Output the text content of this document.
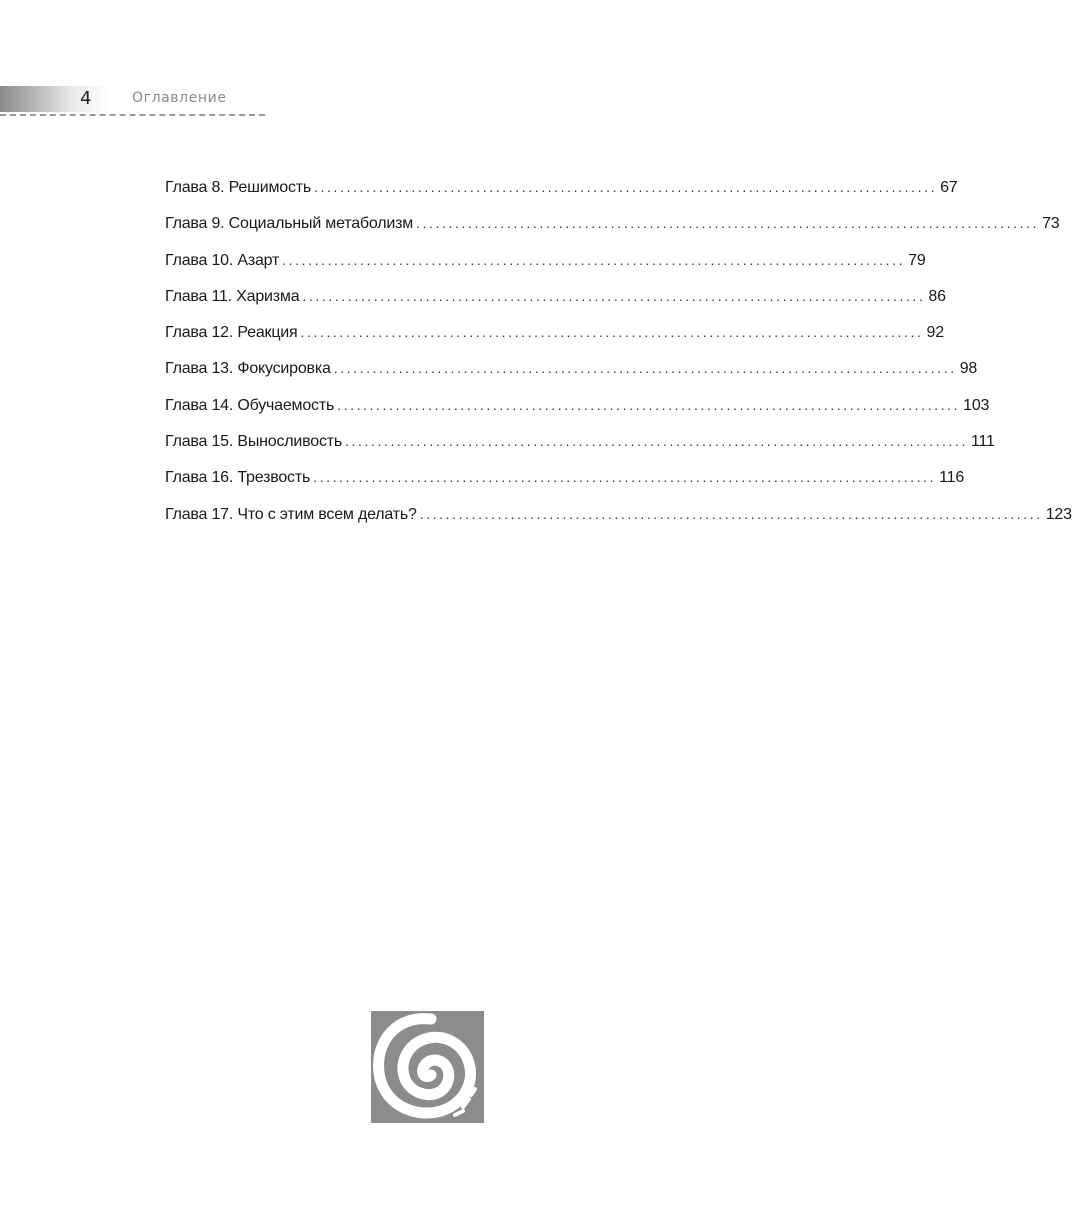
4	Оглавление
Глава 8. Решимость ................................................................................................ 67
Глава 9. Социальный метаболизм ................................................................................................ 73
Глава 10. Азарт ................................................................................................ 79
Глава 11. Харизма ................................................................................................ 86
Глава 12. Реакция ................................................................................................ 92
Глава 13. Фокусировка ................................................................................................ 98
Глава 14. Обучаемость ................................................................................................ 103
Глава 15. Выносливость ................................................................................................ 111
Глава 16. Трезвость ................................................................................................ 116
Глава 17. Что с этим всем делать? ................................................................................................ 123
